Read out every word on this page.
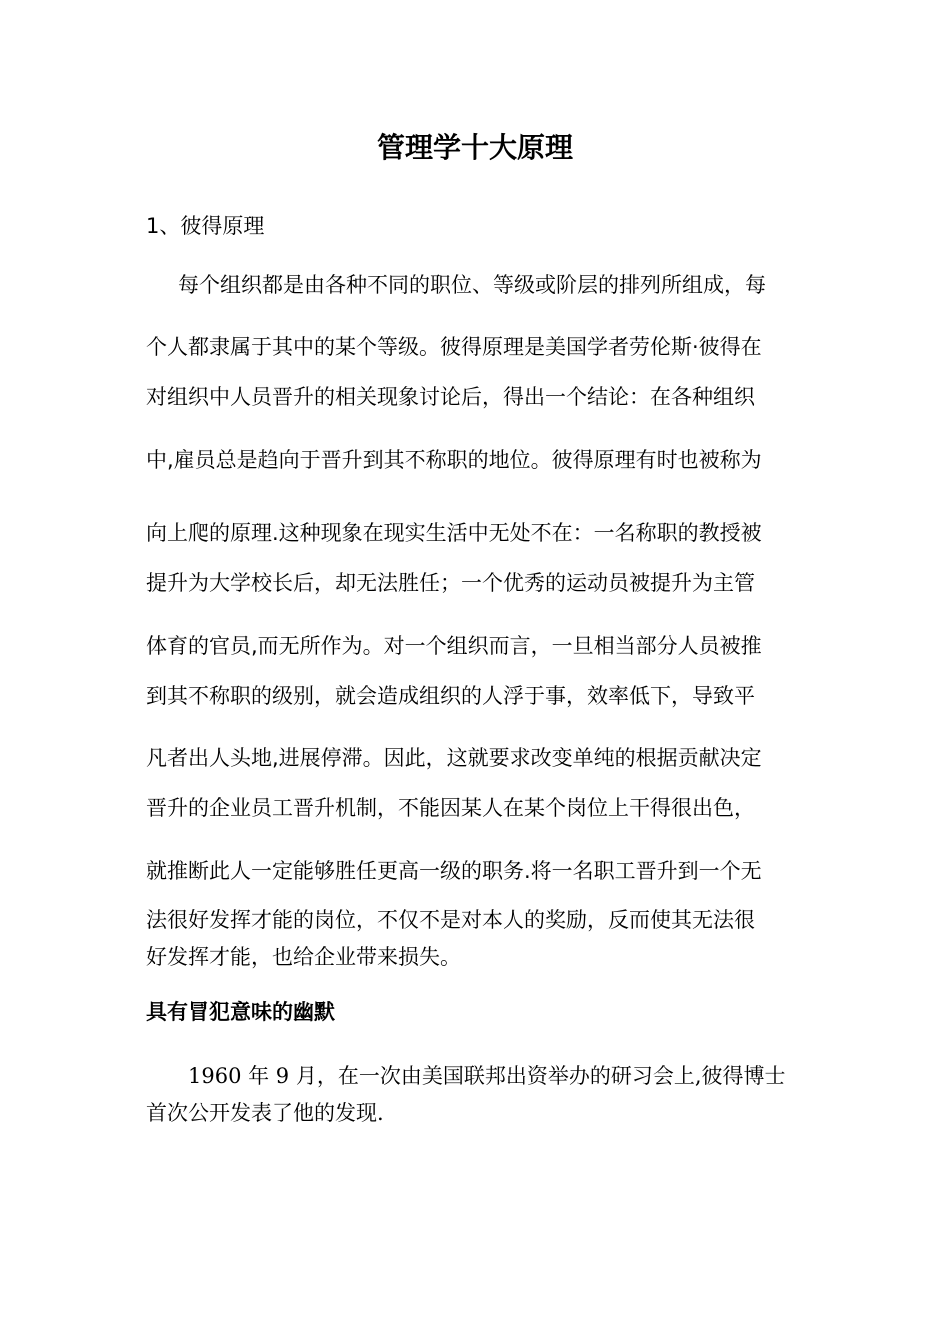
管理学十大原理

1、彼得原理

每个组织都是由各种不同的职位、等级或阶层的排列所组成，每

个人都隶属于其中的某个等级。彼得原理是美国学者劳伦斯·彼得在

对组织中人员晋升的相关现象讨论后，得出一个结论：在各种组织

中,雇员总是趋向于晋升到其不称职的地位。彼得原理有时也被称为

向上爬的原理.这种现象在现实生活中无处不在：一名称职的教授被

提升为大学校长后，却无法胜任；一个优秀的运动员被提升为主管

体育的官员,而无所作为。对一个组织而言，一旦相当部分人员被推

到其不称职的级别，就会造成组织的人浮于事，效率低下，导致平

凡者出人头地,进展停滞。因此，这就要求改变单纯的根据贡献决定

晋升的企业员工晋升机制，不能因某人在某个岗位上干得很出色，

就推断此人一定能够胜任更高一级的职务.将一名职工晋升到一个无

法很好发挥才能的岗位，不仅不是对本人的奖励，反而使其无法很

好发挥才能，也给企业带来损失。

具有冒犯意味的幽默

1960 年 9 月，在一次由美国联邦出资举办的研习会上,彼得博士

首次公开发表了他的发现.
